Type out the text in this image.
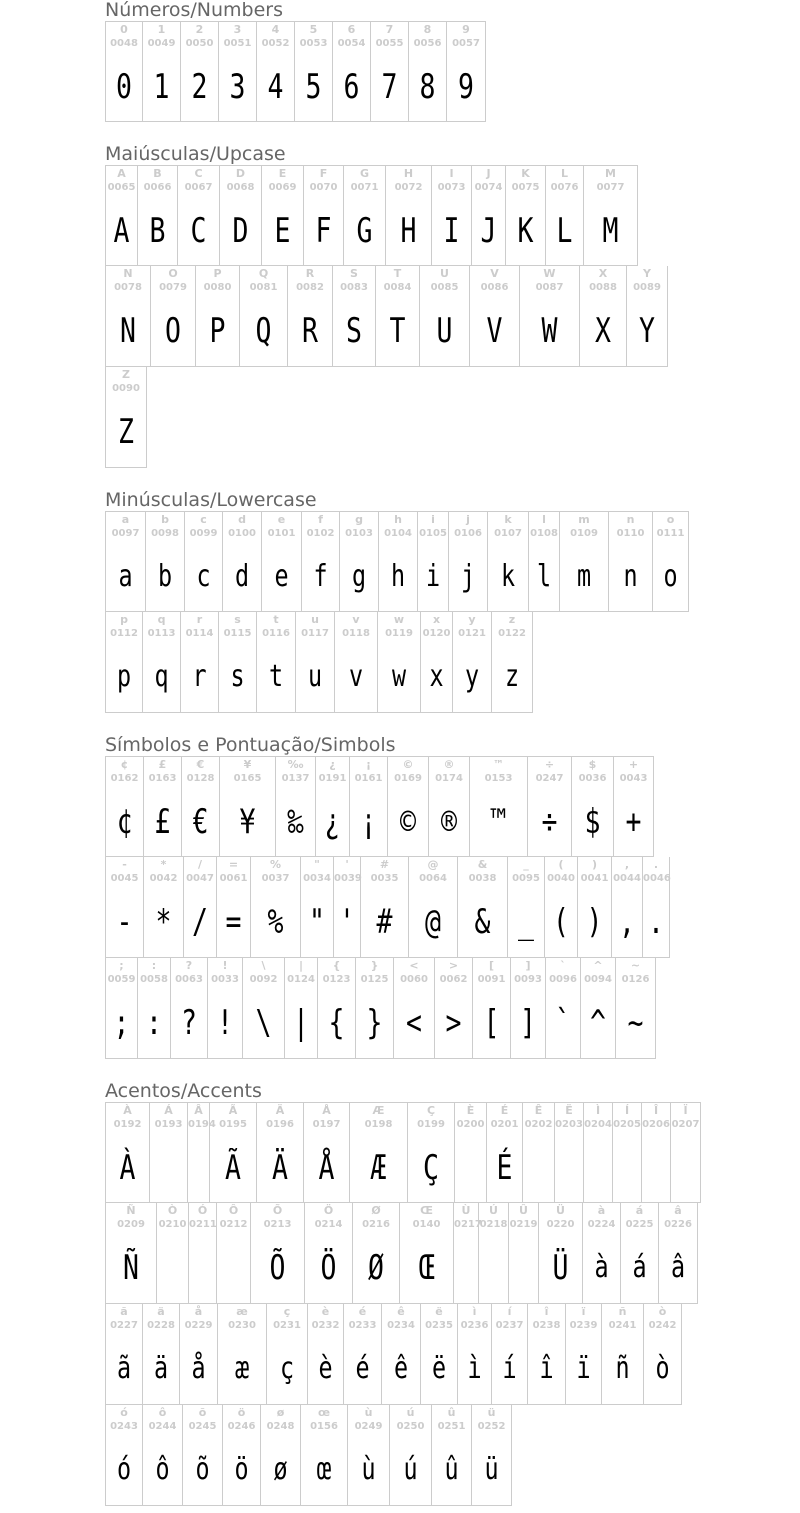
Números/Numbers
0
0048
0
1
0049
1
2
0050
2
3
0051
3
4
0052
4
5
0053
5
6
0054
6
7
0055
7
8
0056
8
9
0057
9
Maiúsculas/Upcase
A
0065
A
B
0066
B
C
0067
C
D
0068
D
E
0069
E
F
0070
F
G
0071
G
H
0072
H
I
0073
I
J
0074
J
K
0075
K
L
0076
L
M
0077
M
N
0078
N
O
0079
O
P
0080
P
Q
0081
Q
R
0082
R
S
0083
S
T
0084
T
U
0085
U
V
0086
V
W
0087
W
X
0088
X
Y
0089
Y
Z
0090
Z
Minúsculas/Lowercase
a
0097
a
b
0098
b
c
0099
c
d
0100
d
e
0101
e
f
0102
f
g
0103
g
h
0104
h
i
0105
i
j
0106
j
k
0107
k
l
0108
l
m
0109
m
n
0110
n
o
0111
o
p
0112
p
q
0113
q
r
0114
r
s
0115
s
t
0116
t
u
0117
u
v
0118
v
w
0119
w
x
0120
x
y
0121
y
z
0122
z
Símbolos e Pontuação/Simbols
¢
0162
¢
£
0163
£
€
0128
€
¥
0165
¥
‰
0137
‰
¿
0191
¿
¡
0161
¡
©
0169
©
®
0174
®
™
0153
™
÷
0247
÷
$
0036
$
+
0043
+
-
0045
-
*
0042
*
/
0047
/
=
0061
=
%
0037
%
"
0034
"
'
0039
'
#
0035
#
@
0064
@
&
0038
&
_
0095
_
(
0040
(
)
0041
)
,
0044
,
.
0046
.
;
0059
;
:
0058
:
?
0063
?
!
0033
!
\
0092
\
|
0124
|
{
0123
{
}
0125
}
<
0060
<
>
0062
>
[
0091
[
]
0093
]
`
0096
`
^
0094
^
~
0126
~
Acentos/Accents
À
0192
À
Á
0193
Â
0194
Ã
0195
Ã
Ä
0196
Ä
Å
0197
Å
Æ
0198
Æ
Ç
0199
Ç
È
0200
É
0201
É
Ê
0202
Ë
0203
Ì
0204
Í
0205
Î
0206
Ï
0207
Ñ
0209
Ñ
Ò
0210
Ó
0211
Ô
0212
Õ
0213
Õ
Ö
0214
Ö
Ø
0216
Ø
Œ
0140
Œ
Ù
0217
Ú
0218
Û
0219
Ü
0220
Ü
à
0224
à
á
0225
á
â
0226
â
ã
0227
ã
ä
0228
ä
å
0229
å
æ
0230
æ
ç
0231
ç
è
0232
è
é
0233
é
ê
0234
ê
ë
0235
ë
ì
0236
ì
í
0237
í
î
0238
î
ï
0239
ï
ñ
0241
ñ
ò
0242
ò
ó
0243
ó
ô
0244
ô
õ
0245
õ
ö
0246
ö
ø
0248
ø
œ
0156
œ
ù
0249
ù
ú
0250
ú
û
0251
û
ü
0252
ü
